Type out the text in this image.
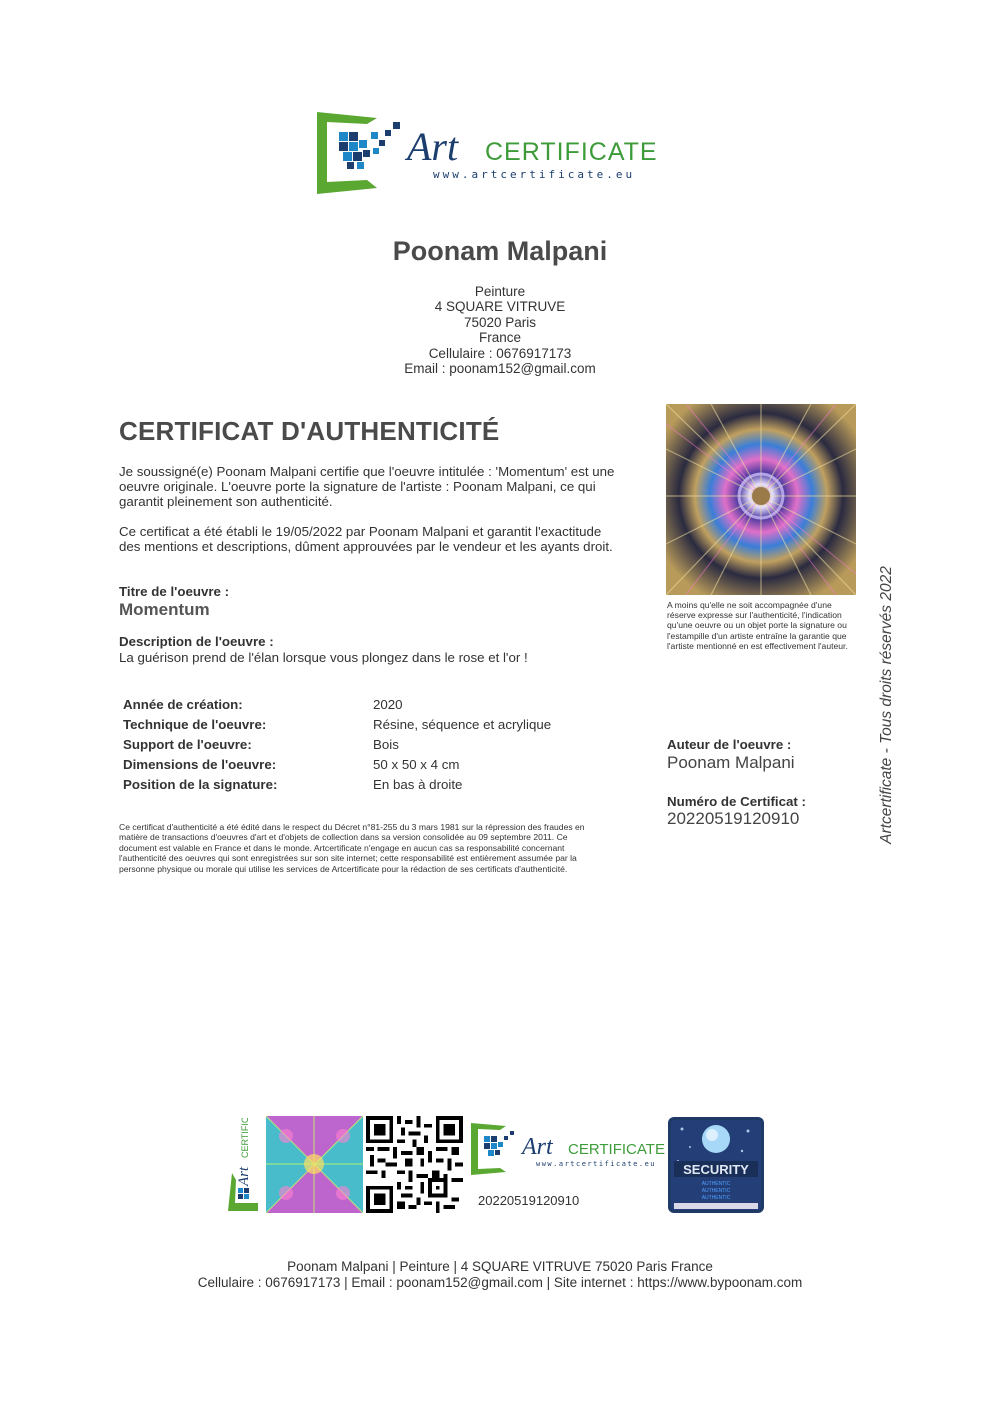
Art CERTIFICATE
www.artcertificate.eu
Poonam Malpani
Peinture
4 SQUARE VITRUVE
75020 Paris
France
Cellulaire : 0676917173
Email : poonam152@gmail.com
CERTIFICAT D'AUTHENTICITÉ
Je soussigné(e) Poonam Malpani certifie que l'oeuvre intitulée : 'Momentum' est une oeuvre originale. L'oeuvre porte la signature de l'artiste : Poonam Malpani, ce qui garantit pleinement son authenticité.
Ce certificat a été établi le 19/05/2022 par Poonam Malpani et garantit l'exactitude des mentions et descriptions, dûment approuvées par le vendeur et les ayants droit.
Titre de l'oeuvre :
Momentum
Description de l'oeuvre :
La guérison prend de l'élan lorsque vous plongez dans le rose et l'or !
Année de création:	2020
Technique de l'oeuvre:	Résine, séquence et acrylique
Support de l'oeuvre:	Bois
Dimensions de l'oeuvre:	50 x 50 x 4 cm
Position de la signature:	En bas à droite
Ce certificat d'authenticité a été édité dans le respect du Décret n°81-255 du 3 mars 1981 sur la répression des fraudes en matière de transactions d'oeuvres d'art et d'objets de collection dans sa version consolidée au 09 septembre 2011. Ce document est valable en France et dans le monde. Artcertificate n'engage en aucun cas sa responsabilité concernant l'authenticité des oeuvres qui sont enregistrées sur son site internet; cette responsabilité est entièrement assumée par la personne physique ou morale qui utilise les services de Artcertificate pour la rédaction de ses certificats d'authenticité.
A moins qu'elle ne soit accompagnée d'une réserve expresse sur l'authenticité, l'indication qu'une oeuvre ou un objet porte la signature ou l'estampille d'un artiste entraîne la garantie que l'artiste mentionné en est effectivement l'auteur.
Auteur de l'oeuvre :
Poonam Malpani
Numéro de Certificat :
20220519120910	Artcertificate - Tous droits réservés 2022
Art
CERTIFICATE	Art CERTIFICATE
www.artcertificate.eu
20220519120910
SECURITY
AUTHENTIC
AUTHENTIC
AUTHENTIC
Poonam Malpani | Peinture | 4 SQUARE VITRUVE 75020 Paris France
Cellulaire : 0676917173 | Email : poonam152@gmail.com | Site internet : https://www.bypoonam.com
